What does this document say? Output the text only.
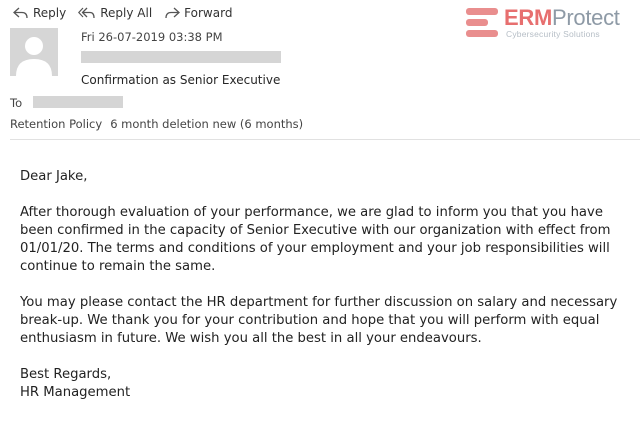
Reply	Reply All	Forward	ERMProtect
Cybersecurity Solutions
Fri 26-07-2019 03:38 PM
Confirmation as Senior Executive
To
Retention Policy 6 month deletion new (6 months)

Dear Jake,

After thorough evaluation of your performance, we are glad to inform you that you have been confirmed in the capacity of Senior Executive with our organization with effect from 01/01/20. The terms and conditions of your employment and your job responsibilities will continue to remain the same.

You may please contact the HR department for further discussion on salary and necessary break-up. We thank you for your contribution and hope that you will perform with equal enthusiasm in future. We wish you all the best in all your endeavours.

Best Regards,

HR Management
